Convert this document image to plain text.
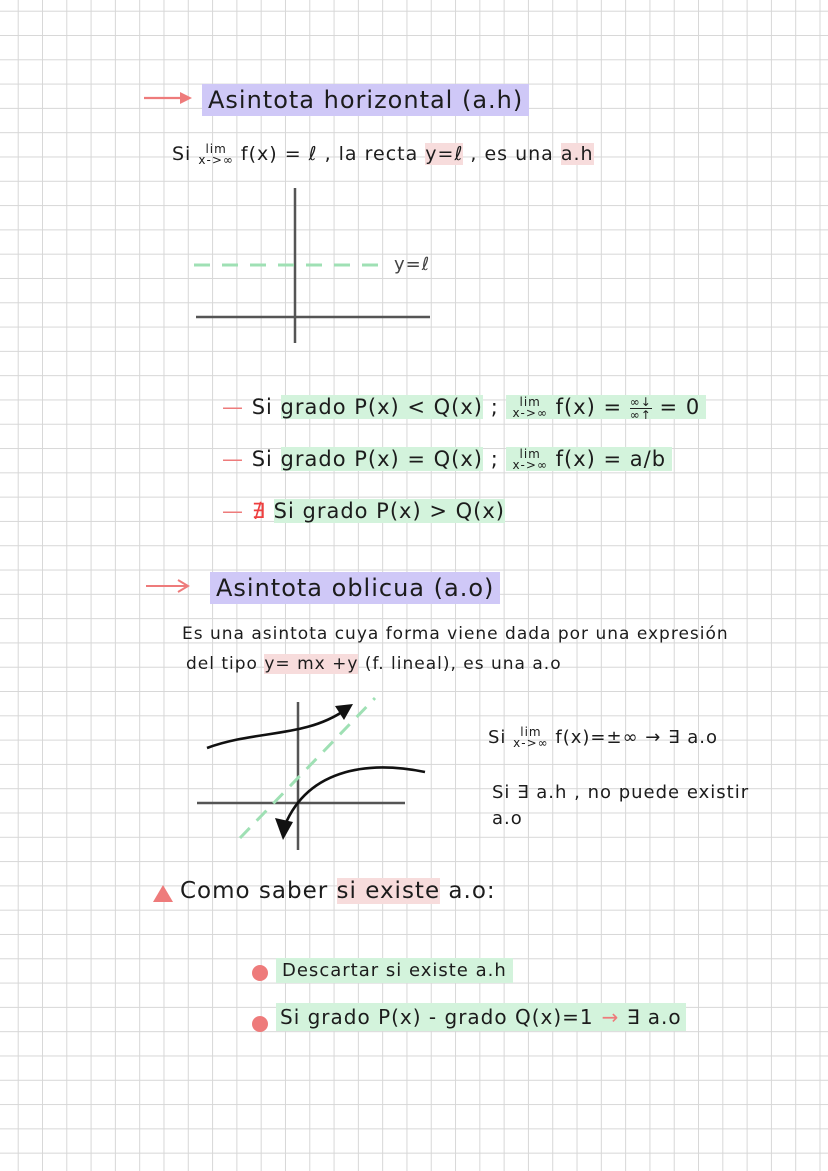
Asintota horizontal (a.h)
Si	lim
x->∞ f(x) = ℓ , la recta y=ℓ , es una a.h
y=ℓ
— Si grado P(x) < Q(x) ;	lim
x->∞ $f(x) = \frac{\infty↓}{\infty↑} = 0$
— Si grado P(x) = Q(x) ;	lim
x->∞ f(x) = a/b
— ∄ Si grado P(x) > Q(x)
Asintota oblicua (a.o)
Es una asintota cuya forma viene dada por una expresión
del tipo y= mx +y (f. lineal), es una a.o
Si	lim
x->∞ f(x)=±∞ → ∃ a.o
Si ∃ a.h , no puede existir
a.o
Como saber si existe a.o:
Descartar si existe a.h
Si grado P(x) - grado Q(x)=1 → ∃ a.o
